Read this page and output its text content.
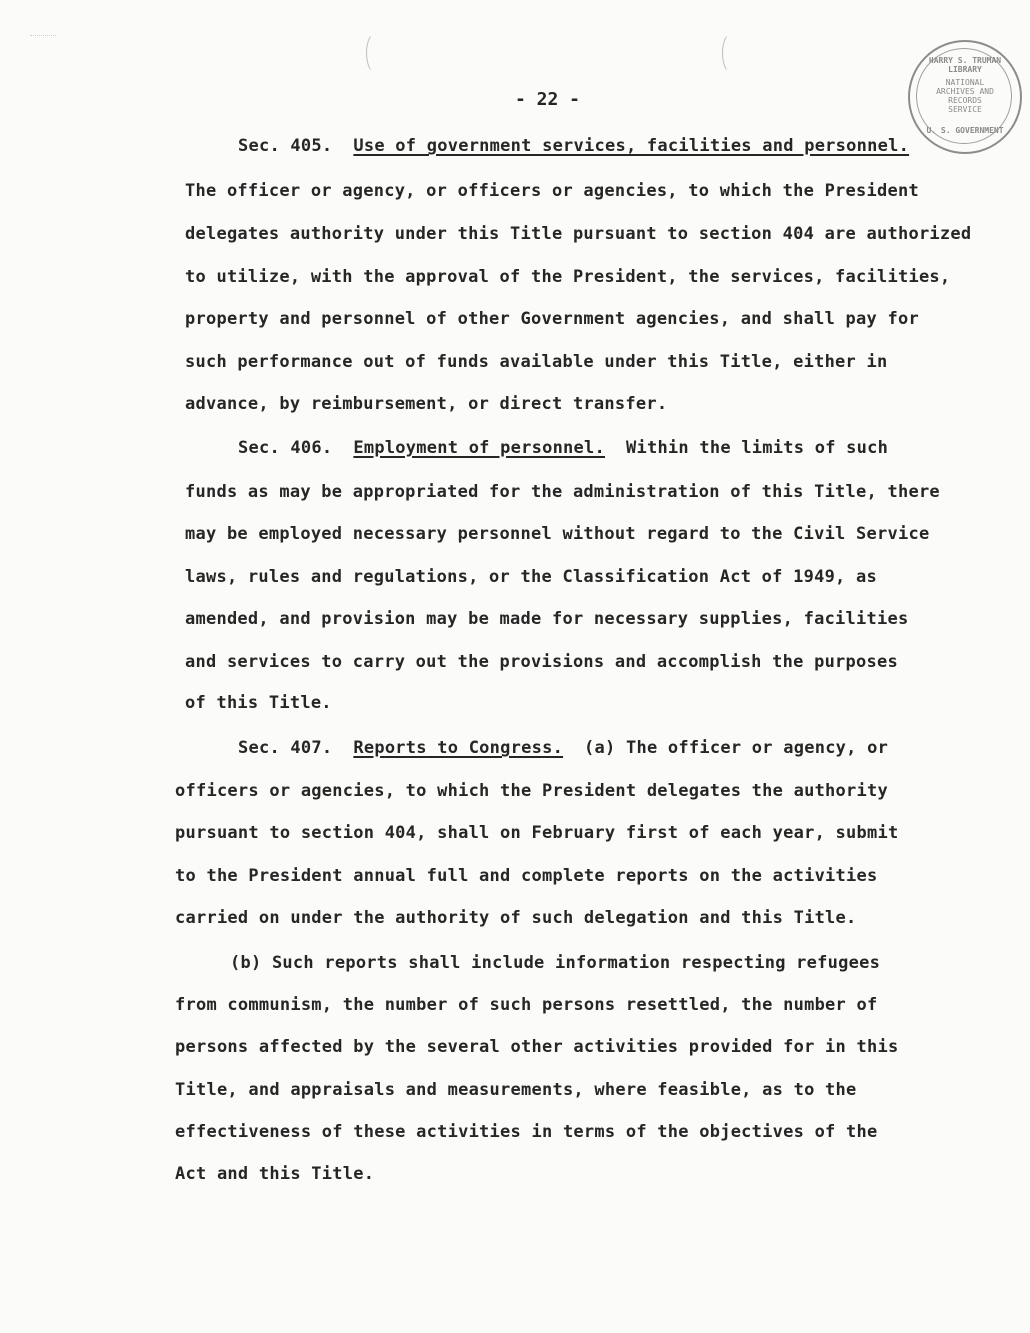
HARRY S. TRUMAN LIBRARY
NATIONAL ARCHIVES AND RECORDS SERVICE
U. S. GOVERNMENT
- 22 -
Sec. 405. Use of government services, facilities and personnel.
The officer or agency, or officers or agencies, to which the President
delegates authority under this Title pursuant to section 404 are authorized
to utilize, with the approval of the President, the services, facilities,
property and personnel of other Government agencies, and shall pay for
such performance out of funds available under this Title, either in
advance, by reimbursement, or direct transfer.
Sec. 406. Employment of personnel. Within the limits of such
funds as may be appropriated for the administration of this Title, there
may be employed necessary personnel without regard to the Civil Service
laws, rules and regulations, or the Classification Act of 1949, as
amended, and provision may be made for necessary supplies, facilities
and services to carry out the provisions and accomplish the purposes
of this Title.
Sec. 407. Reports to Congress. (a) The officer or agency, or
officers or agencies, to which the President delegates the authority
pursuant to section 404, shall on February first of each year, submit
to the President annual full and complete reports on the activities
carried on under the authority of such delegation and this Title.
(b) Such reports shall include information respecting refugees
from communism, the number of such persons resettled, the number of
persons affected by the several other activities provided for in this
Title, and appraisals and measurements, where feasible, as to the
effectiveness of these activities in terms of the objectives of the
Act and this Title.
